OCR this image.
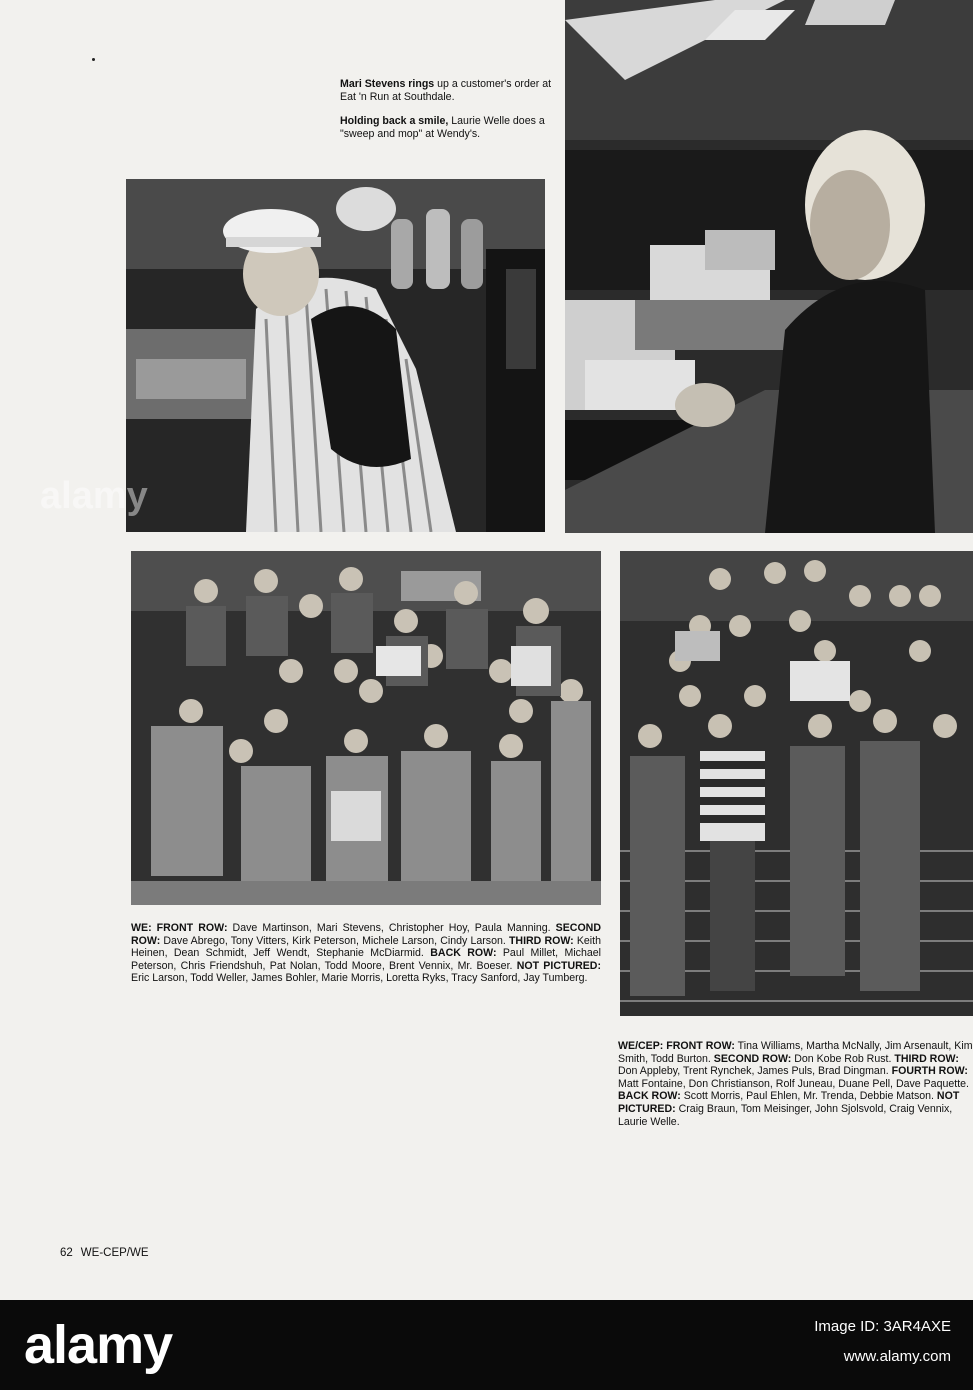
Mari Stevens rings up a customer's order at Eat 'n Run at Southdale.

Holding back a smile, Laurie Welle does a "sweep and mop" at Wendy's.

WE: FRONT ROW: Dave Martinson, Mari Stevens, Christopher Hoy, Paula Manning. SECOND ROW: Dave Abrego, Tony Vitters, Kirk Peterson, Michele Larson, Cindy Larson. THIRD ROW: Keith Heinen, Dean Schmidt, Jeff Wendt, Stephanie McDiarmid. BACK ROW: Paul Millet, Michael Peterson, Chris Friendshuh, Pat Nolan, Todd Moore, Brent Vennix, Mr. Boeser. NOT PICTURED: Eric Larson, Todd Weller, James Bohler, Marie Morris, Loretta Ryks, Tracy Sanford, Jay Tumberg.
WE/CEP: FRONT ROW: Tina Williams, Martha McNally, Jim Arsenault, Kim Smith, Todd Burton. SECOND ROW: Don Kobe Rob Rust. THIRD ROW: Don Appleby, Trent Rynchek, James Puls, Brad Dingman. FOURTH ROW: Matt Fontaine, Don Christianson, Rolf Juneau, Duane Pell, Dave Paquette. BACK ROW: Scott Morris, Paul Ehlen, Mr. Trenda, Debbie Matson. NOT PICTURED: Craig Braun, Tom Meisinger, John Sjolsvold, Craig Vennix, Laurie Welle.
62 WE-CEP/WE
alamy
alamy	Image ID: 3AR4AXE
www.alamy.com
